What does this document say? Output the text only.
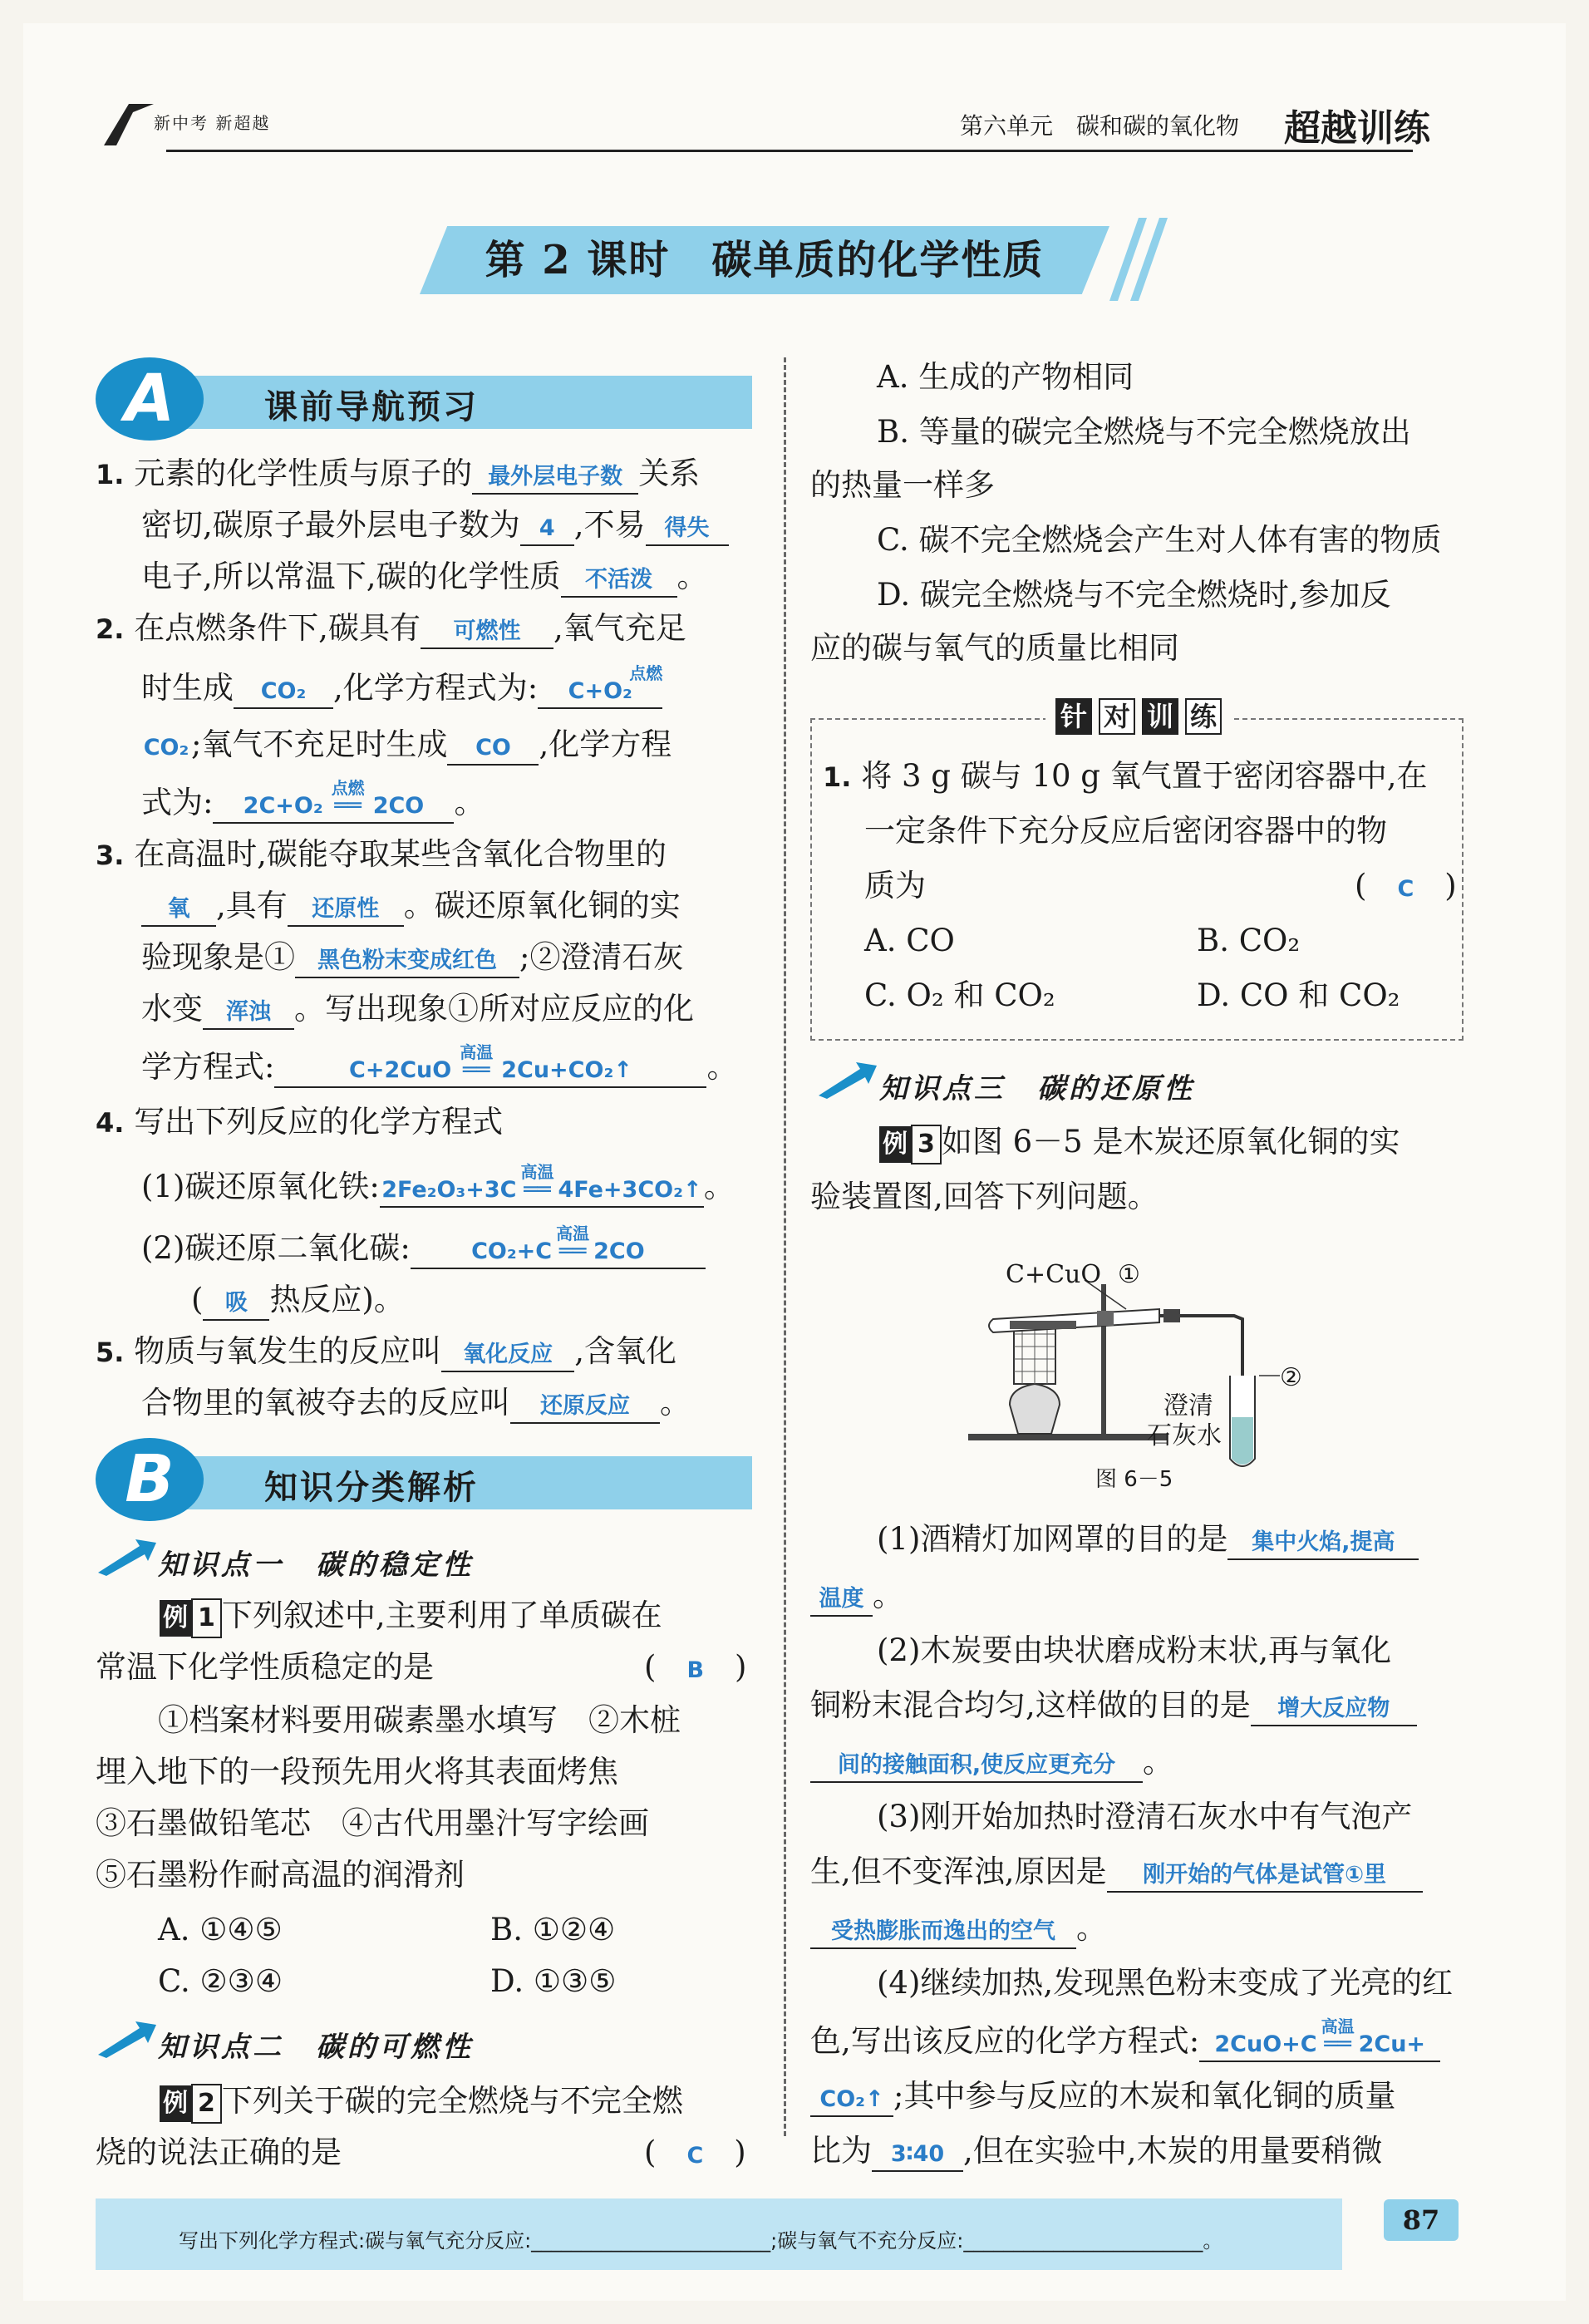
新中考 新超越	第六单元　碳和碳的氧化物 超越训练
第 2 课时　碳单质的化学性质
A	课前导航预习
1. 元素的化学性质与原子的 最外层电子数 关系
密切,碳原子最外层电子数为 4 ,不易 得失
电子,所以常温下,碳的化学性质 不活泼 。
2. 在点燃条件下,碳具有 可燃性 ,氧气充足
时生成 CO₂ ,化学方程式为: C+O₂
点燃
CO₂;氧气不充足时生成 CO ,化学方程
式为: 2C+O₂
点燃
══ 2CO 。
3. 在高温时,碳能夺取某些含氧化合物里的
氧 ,具有 还原性 。碳还原氧化铜的实
验现象是① 黑色粉末变成红色 ;②澄清石灰
水变 浑浊 。写出现象①所对应反应的化
学方程式:	C+2CuO
高温
══ 2Cu+CO₂↑ 。
4. 写出下列反应的化学方程式
(1)碳还原氧化铁:2Fe₂O₃+3C
高温
══ 4Fe+3CO₂↑。
(2)碳还原二氧化碳:	CO₂+C
高温
══ 2CO
( 吸 热反应)。
5. 物质与氧发生的反应叫 氧化反应 ,含氧化
合物里的氧被夺去的反应叫 还原反应 。
B	知识分类解析
知识点一　碳的稳定性
例 1 下列叙述中,主要利用了单质碳在
常温下化学性质稳定的是	(　B　)
①档案材料要用碳素墨水填写　②木桩
埋入地下的一段预先用火将其表面烤焦
③石墨做铅笔芯　④古代用墨汁写字绘画
⑤石墨粉作耐高温的润滑剂
A. ①④⑤	B. ①②④
C. ②③④	D. ①③⑤
知识点二　碳的可燃性
例 2 下列关于碳的完全燃烧与不完全燃
烧的说法正确的是	(　C　)
A. 生成的产物相同
B. 等量的碳完全燃烧与不完全燃烧放出
的热量一样多
C. 碳不完全燃烧会产生对人体有害的物质
D. 碳完全燃烧与不完全燃烧时,参加反
应的碳与氧气的质量比相同
针 对 训 练
1. 将 3 g 碳与 10 g 氧气置于密闭容器中,在
一定条件下充分反应后密闭容器中的物
质为	(　C　)
A. CO	B. CO₂
C. O₂ 和 CO₂	D. CO 和 CO₂
知识点三　碳的还原性
例 3 如图 6－5 是木炭还原氧化铜的实
验装置图,回答下列问题。
C+CuO ①
②
澄清
石灰水
图 6－5
(1)酒精灯加网罩的目的是 集中火焰,提高
温度 。
(2)木炭要由块状磨成粉末状,再与氧化
铜粉末混合均匀,这样做的目的是 增大反应物
间的接触面积,使反应更充分 。
(3)刚开始加热时澄清石灰水中有气泡产
生,但不变浑浊,原因是 刚开始的气体是试管①里
受热膨胀而逸出的空气 。
(4)继续加热,发现黑色粉末变成了光亮的红
色,写出该反应的化学方程式: 2CuO+C
高温
══ 2Cu+
CO₂↑ ;其中参与反应的木炭和氧化铜的质量
比为 3∶40 ,但在实验中,木炭的用量要稍微
写出下列化学方程式:碳与氧气充分反应:________________________;碳与氧气不充分反应:________________________。
87
